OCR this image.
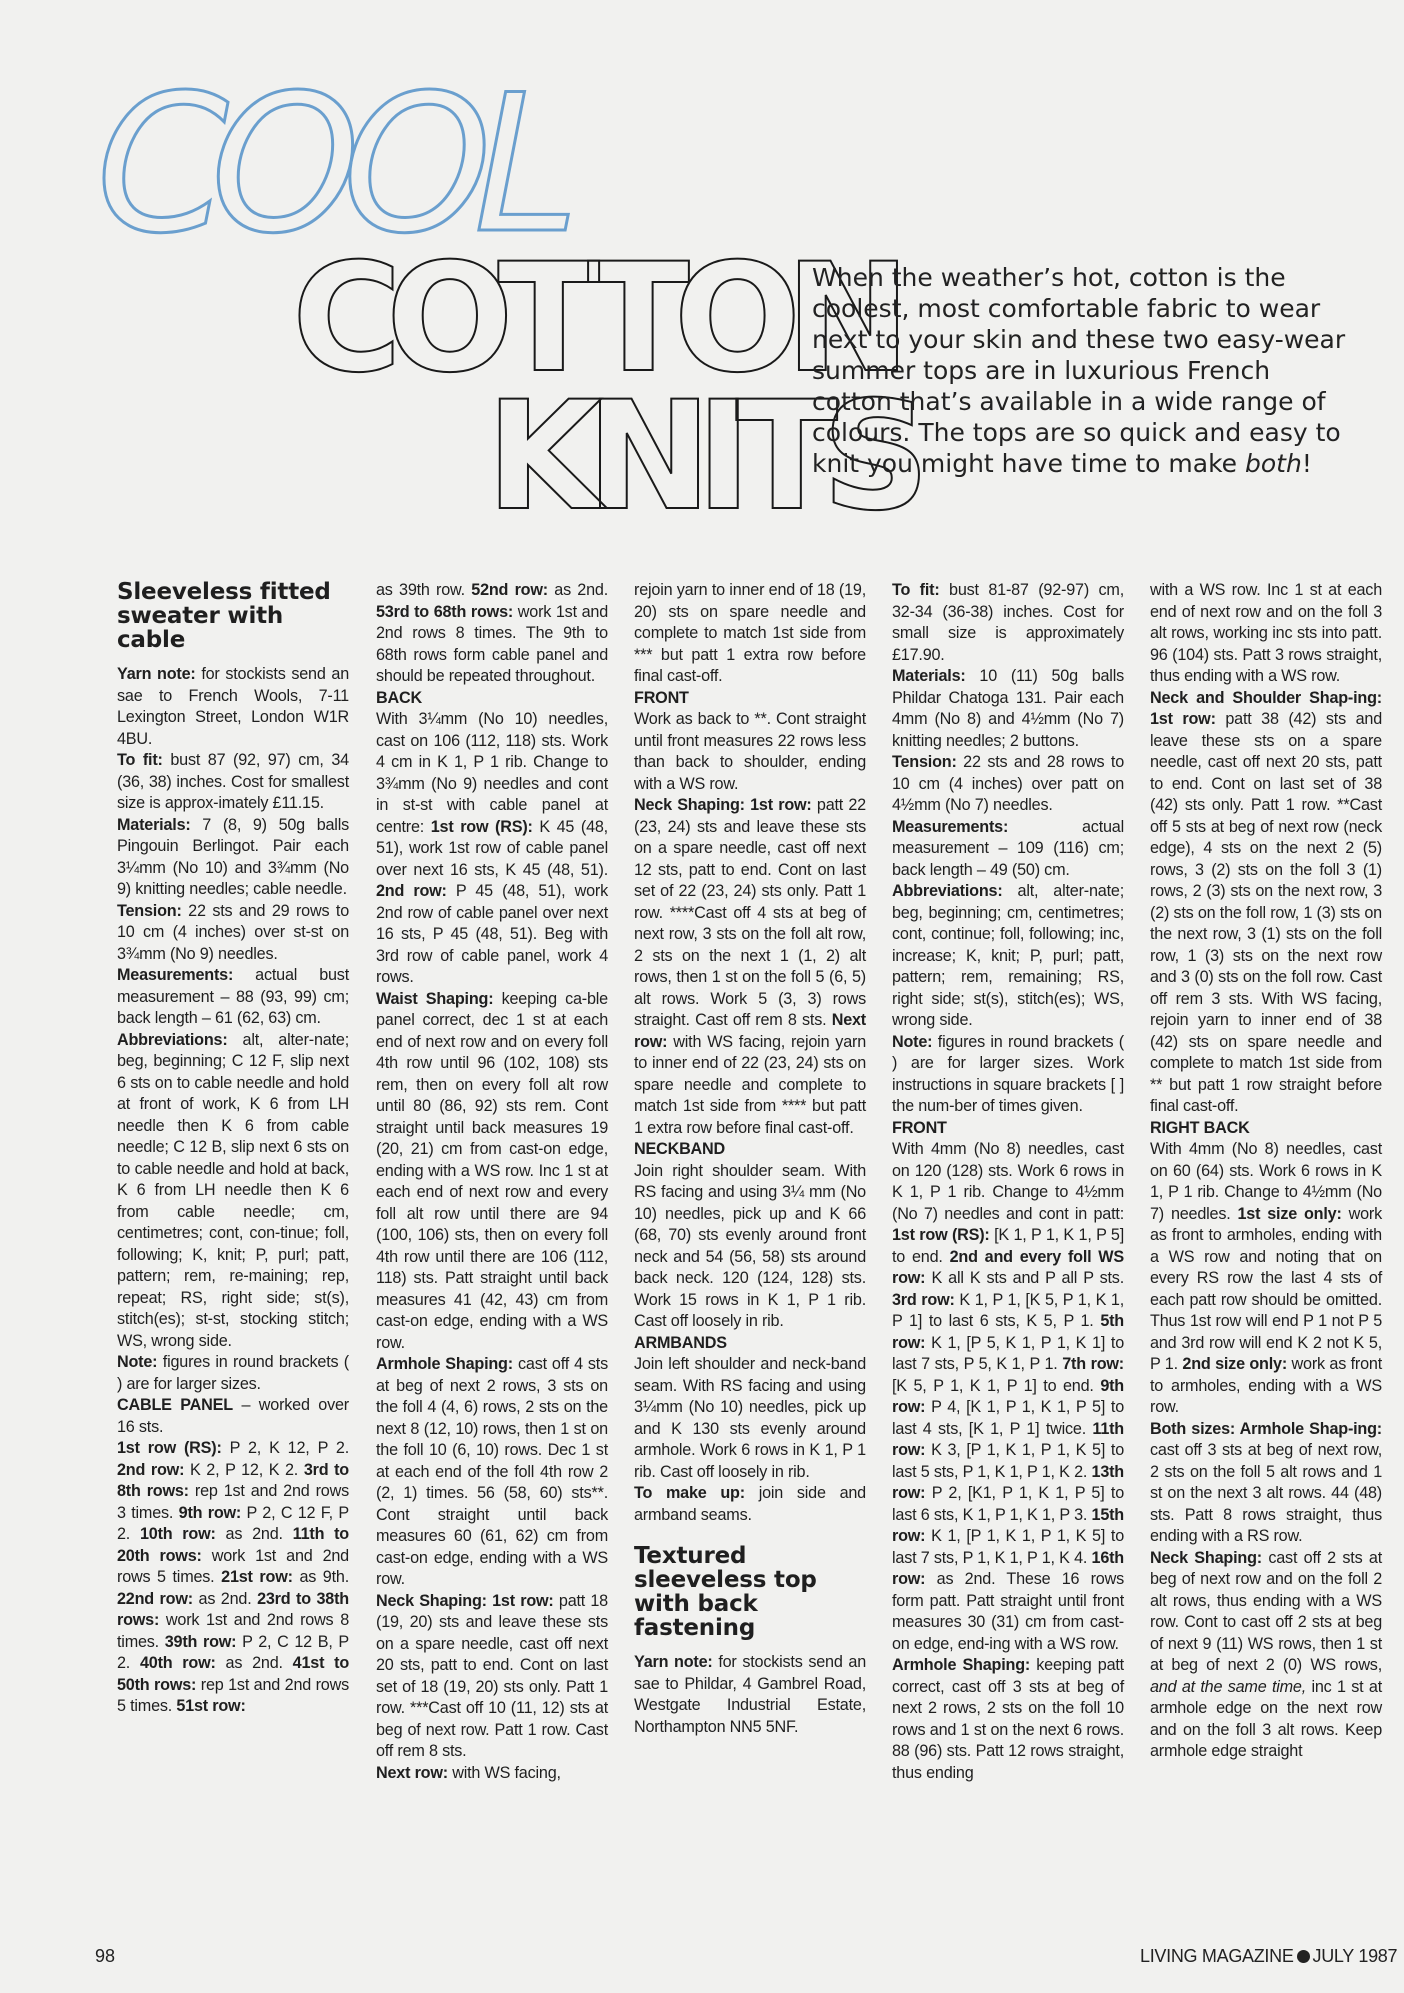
COOL
COTTON
KNITS

When the weather’s hot, cotton is the coolest, most comfortable fabric to wear next to your skin and these two easy-wear summer tops are in luxurious French cotton that’s available in a wide range of colours. The tops are so quick and easy to knit you might have time to make both!

Sleeveless fitted sweater with cable

Yarn note: for stockists send an sae to French Wools, 7-11 Lexington Street, London W1R 4BU.

To fit: bust 87 (92, 97) cm, 34 (36, 38) inches. Cost for smallest size is approx-imately £11.15.

Materials: 7 (8, 9) 50g balls Pingouin Berlingot. Pair each 3¼mm (No 10) and 3¾mm (No 9) knitting needles; cable needle.

Tension: 22 sts and 29 rows to 10 cm (4 inches) over st-st on 3¾mm (No 9) needles.

Measurements: actual bust measurement – 88 (93, 99) cm; back length – 61 (62, 63) cm.

Abbreviations: alt, alter-nate; beg, beginning; C 12 F, slip next 6 sts on to cable needle and hold at front of work, K 6 from LH needle then K 6 from cable needle; C 12 B, slip next 6 sts on to cable needle and hold at back, K 6 from LH needle then K 6 from cable needle; cm, centimetres; cont, con-tinue; foll, following; K, knit; P, purl; patt, pattern; rem, re-maining; rep, repeat; RS, right side; st(s), stitch(es); st-st, stocking stitch; WS, wrong side.

Note: figures in round brackets ( ) are for larger sizes.

CABLE PANEL – worked over 16 sts.

1st row (RS): P 2, K 12, P 2. 2nd row: K 2, P 12, K 2. 3rd to 8th rows: rep 1st and 2nd rows 3 times. 9th row: P 2, C 12 F, P 2. 10th row: as 2nd. 11th to 20th rows: work 1st and 2nd rows 5 times. 21st row: as 9th. 22nd row: as 2nd. 23rd to 38th rows: work 1st and 2nd rows 8 times. 39th row: P 2, C 12 B, P 2. 40th row: as 2nd. 41st to 50th rows: rep 1st and 2nd rows 5 times. 51st row:

as 39th row. 52nd row: as 2nd. 53rd to 68th rows: work 1st and 2nd rows 8 times. The 9th to 68th rows form cable panel and should be repeated throughout.

BACK

With 3¼mm (No 10) needles, cast on 106 (112, 118) sts. Work 4 cm in K 1, P 1 rib. Change to 3¾mm (No 9) needles and cont in st-st with cable panel at centre: 1st row (RS): K 45 (48, 51), work 1st row of cable panel over next 16 sts, K 45 (48, 51). 2nd row: P 45 (48, 51), work 2nd row of cable panel over next 16 sts, P 45 (48, 51). Beg with 3rd row of cable panel, work 4 rows.

Waist Shaping: keeping ca-ble panel correct, dec 1 st at each end of next row and on every foll 4th row until 96 (102, 108) sts rem, then on every foll alt row until 80 (86, 92) sts rem. Cont straight until back measures 19 (20, 21) cm from cast-on edge, ending with a WS row. Inc 1 st at each end of next row and every foll alt row until there are 94 (100, 106) sts, then on every foll 4th row until there are 106 (112, 118) sts. Patt straight until back measures 41 (42, 43) cm from cast-on edge, ending with a WS row.

Armhole Shaping: cast off 4 sts at beg of next 2 rows, 3 sts on the foll 4 (4, 6) rows, 2 sts on the next 8 (12, 10) rows, then 1 st on the foll 10 (6, 10) rows. Dec 1 st at each end of the foll 4th row 2 (2, 1) times. 56 (58, 60) sts**. Cont straight until back measures 60 (61, 62) cm from cast-on edge, ending with a WS row.

Neck Shaping: 1st row: patt 18 (19, 20) sts and leave these sts on a spare needle, cast off next 20 sts, patt to end. Cont on last set of 18 (19, 20) sts only. Patt 1 row. ***Cast off 10 (11, 12) sts at beg of next row. Patt 1 row. Cast off rem 8 sts.

Next row: with WS facing,

rejoin yarn to inner end of 18 (19, 20) sts on spare needle and complete to match 1st side from *** but patt 1 extra row before final cast-off.

FRONT

Work as back to **. Cont straight until front measures 22 rows less than back to shoulder, ending with a WS row.

Neck Shaping: 1st row: patt 22 (23, 24) sts and leave these sts on a spare needle, cast off next 12 sts, patt to end. Cont on last set of 22 (23, 24) sts only. Patt 1 row. ****Cast off 4 sts at beg of next row, 3 sts on the foll alt row, 2 sts on the next 1 (1, 2) alt rows, then 1 st on the foll 5 (6, 5) alt rows. Work 5 (3, 3) rows straight. Cast off rem 8 sts. Next row: with WS facing, rejoin yarn to inner end of 22 (23, 24) sts on spare needle and complete to match 1st side from **** but patt 1 extra row before final cast-off.

NECKBAND

Join right shoulder seam. With RS facing and using 3¼ mm (No 10) needles, pick up and K 66 (68, 70) sts evenly around front neck and 54 (56, 58) sts around back neck. 120 (124, 128) sts. Work 15 rows in K 1, P 1 rib. Cast off loosely in rib.

ARMBANDS

Join left shoulder and neck-band seam. With RS facing and using 3¼mm (No 10) needles, pick up and K 130 sts evenly around armhole. Work 6 rows in K 1, P 1 rib. Cast off loosely in rib.

To make up: join side and armband seams.

Textured sleeveless top with back fastening

Yarn note: for stockists send an sae to Phildar, 4 Gambrel Road, Westgate Industrial Estate, Northampton NN5 5NF.

To fit: bust 81-87 (92-97) cm, 32-34 (36-38) inches. Cost for small size is approximately £17.90.

Materials: 10 (11) 50g balls Phildar Chatoga 131. Pair each 4mm (No 8) and 4½mm (No 7) knitting needles; 2 buttons.

Tension: 22 sts and 28 rows to 10 cm (4 inches) over patt on 4½mm (No 7) needles.

Measurements: actual measurement – 109 (116) cm; back length – 49 (50) cm.

Abbreviations: alt, alter-nate; beg, beginning; cm, centimetres; cont, continue; foll, following; inc, increase; K, knit; P, purl; patt, pattern; rem, remaining; RS, right side; st(s), stitch(es); WS, wrong side.

Note: figures in round brackets ( ) are for larger sizes. Work instructions in square brackets [ ] the num-ber of times given.

FRONT

With 4mm (No 8) needles, cast on 120 (128) sts. Work 6 rows in K 1, P 1 rib. Change to 4½mm (No 7) needles and cont in patt: 1st row (RS): [K 1, P 1, K 1, P 5] to end. 2nd and every foll WS row: K all K sts and P all P sts. 3rd row: K 1, P 1, [K 5, P 1, K 1, P 1] to last 6 sts, K 5, P 1. 5th row: K 1, [P 5, K 1, P 1, K 1] to last 7 sts, P 5, K 1, P 1. 7th row: [K 5, P 1, K 1, P 1] to end. 9th row: P 4, [K 1, P 1, K 1, P 5] to last 4 sts, [K 1, P 1] twice. 11th row: K 3, [P 1, K 1, P 1, K 5] to last 5 sts, P 1, K 1, P 1, K 2. 13th row: P 2, [K1, P 1, K 1, P 5] to last 6 sts, K 1, P 1, K 1, P 3. 15th row: K 1, [P 1, K 1, P 1, K 5] to last 7 sts, P 1, K 1, P 1, K 4. 16th row: as 2nd. These 16 rows form patt. Patt straight until front measures 30 (31) cm from cast-on edge, end-ing with a WS row.

Armhole Shaping: keeping patt correct, cast off 3 sts at beg of next 2 rows, 2 sts on the foll 10 rows and 1 st on the next 6 rows. 88 (96) sts. Patt 12 rows straight, thus ending

with a WS row. Inc 1 st at each end of next row and on the foll 3 alt rows, working inc sts into patt. 96 (104) sts. Patt 3 rows straight, thus ending with a WS row.

Neck and Shoulder Shap-ing: 1st row: patt 38 (42) sts and leave these sts on a spare needle, cast off next 20 sts, patt to end. Cont on last set of 38 (42) sts only. Patt 1 row. **Cast off 5 sts at beg of next row (neck edge), 4 sts on the next 2 (5) rows, 3 (2) sts on the foll 3 (1) rows, 2 (3) sts on the next row, 3 (2) sts on the foll row, 1 (3) sts on the next row, 3 (1) sts on the foll row, 1 (3) sts on the next row and 3 (0) sts on the foll row. Cast off rem 3 sts. With WS facing, rejoin yarn to inner end of 38 (42) sts on spare needle and complete to match 1st side from ** but patt 1 row straight before final cast-off.

RIGHT BACK

With 4mm (No 8) needles, cast on 60 (64) sts. Work 6 rows in K 1, P 1 rib. Change to 4½mm (No 7) needles. 1st size only: work as front to armholes, ending with a WS row and noting that on every RS row the last 4 sts of each patt row should be omitted. Thus 1st row will end P 1 not P 5 and 3rd row will end K 2 not K 5, P 1. 2nd size only: work as front to armholes, ending with a WS row.

Both sizes: Armhole Shap-ing: cast off 3 sts at beg of next row, 2 sts on the foll 5 alt rows and 1 st on the next 3 alt rows. 44 (48) sts. Patt 8 rows straight, thus ending with a RS row.

Neck Shaping: cast off 2 sts at beg of next row and on the foll 2 alt rows, thus ending with a WS row. Cont to cast off 2 sts at beg of next 9 (11) WS rows, then 1 st at beg of next 2 (0) WS rows, and at the same time, inc 1 st at armhole edge on the next row and on the foll 3 alt rows. Keep armhole edge straight

98	LIVING MAGAZINE JULY 1987
